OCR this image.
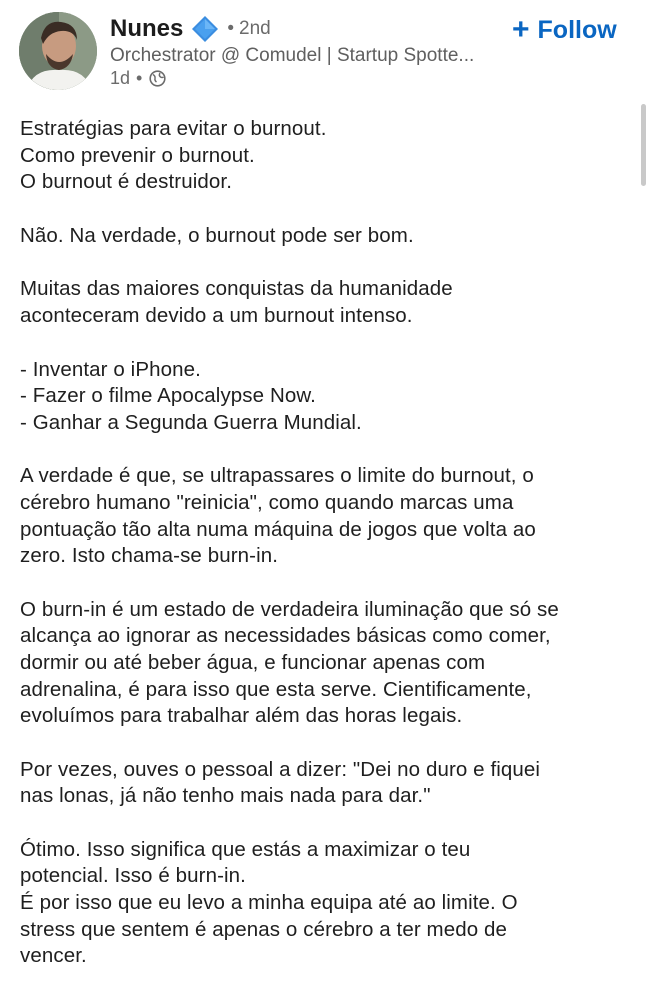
Nunes • 2nd
Orchestrator @ Comudel | Startup Spotte...
1d •
+ Follow
Estratégias para evitar o burnout.
Como prevenir o burnout.
O burnout é destruidor.
Não. Na verdade, o burnout pode ser bom.
Muitas das maiores conquistas da humanidade
aconteceram devido a um burnout intenso.
- Inventar o iPhone.
- Fazer o filme Apocalypse Now.
- Ganhar a Segunda Guerra Mundial.
A verdade é que, se ultrapassares o limite do burnout, o
cérebro humano "reinicia", como quando marcas uma
pontuação tão alta numa máquina de jogos que volta ao
zero. Isto chama-se burn-in.
O burn-in é um estado de verdadeira iluminação que só se
alcança ao ignorar as necessidades básicas como comer,
dormir ou até beber água, e funcionar apenas com
adrenalina, é para isso que esta serve. Cientificamente,
evoluímos para trabalhar além das horas legais.
Por vezes, ouves o pessoal a dizer: "Dei no duro e fiquei
nas lonas, já não tenho mais nada para dar."
Ótimo. Isso significa que estás a maximizar o teu
potencial. Isso é burn-in.
É por isso que eu levo a minha equipa até ao limite. O
stress que sentem é apenas o cérebro a ter medo de
vencer.
